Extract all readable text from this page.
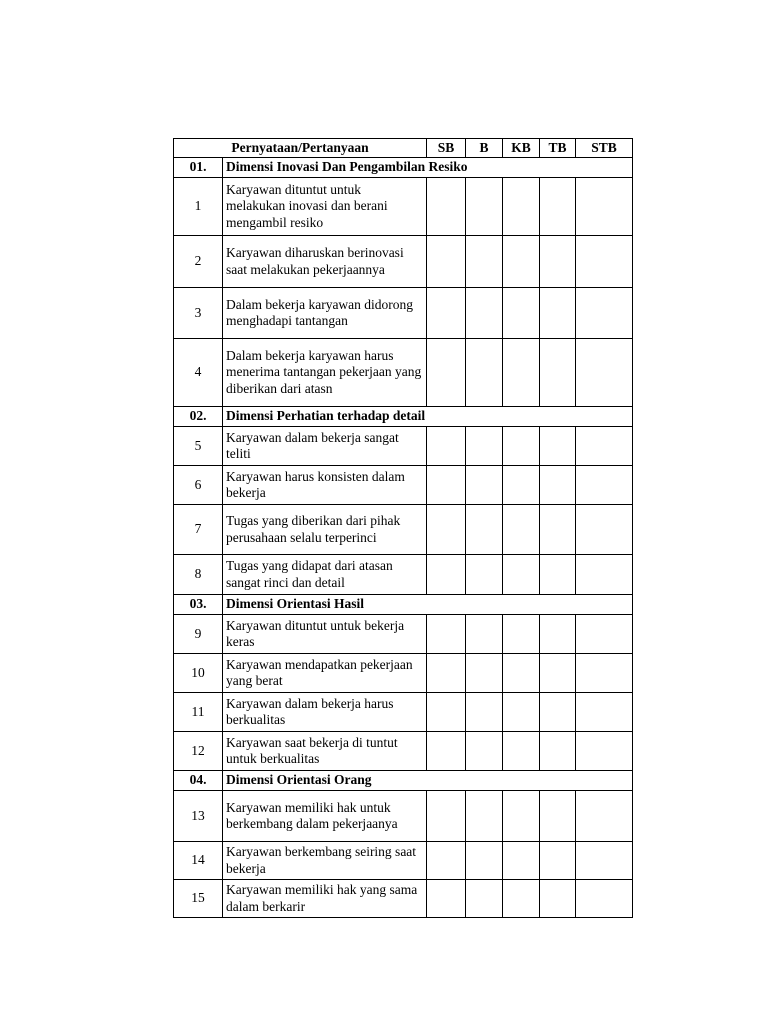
Pernyataan/Pertanyaan		SB	B	KB	TB	STB
01.	Dimensi Inovasi Dan Pengambilan Resiko					
1	Karyawan dituntut untuk melakukan inovasi dan berani mengambil resiko					
2	Karyawan diharuskan berinovasi saat melakukan pekerjaannya					
3	Dalam bekerja karyawan didorong menghadapi tantangan					
4	Dalam bekerja karyawan harus menerima tantangan pekerjaan yang diberikan dari atasn					
02.	Dimensi Perhatian terhadap detail					
5	Karyawan dalam bekerja sangat teliti					
6	Karyawan harus konsisten dalam bekerja					
7	Tugas yang diberikan dari pihak perusahaan selalu terperinci					
8	Tugas yang didapat dari atasan sangat rinci dan detail					
03.	Dimensi Orientasi Hasil					
9	Karyawan dituntut untuk bekerja keras					
10	Karyawan mendapatkan pekerjaan yang berat					
11	Karyawan dalam bekerja harus berkualitas					
12	Karyawan saat bekerja di tuntut untuk berkualitas					
04.	Dimensi Orientasi Orang					
13	Karyawan memiliki hak untuk berkembang dalam pekerjaanya					
14	Karyawan berkembang seiring saat bekerja					
15	Karyawan memiliki hak yang sama dalam berkarir					
